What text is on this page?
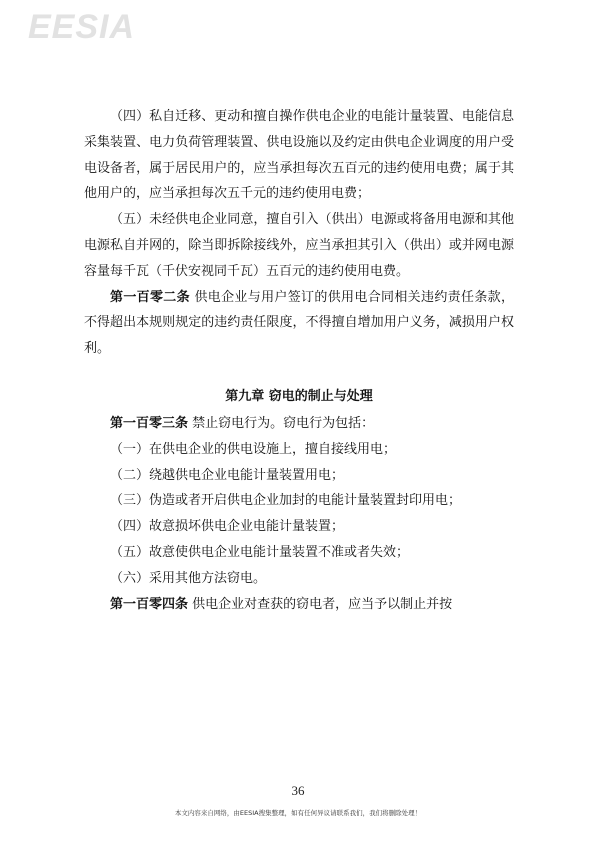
EESIA

（四）私自迁移、更动和擅自操作供电企业的电能计量装置、电能信息采集装置、电力负荷管理装置、供电设施以及约定由供电企业调度的用户受电设备者，属于居民用户的，应当承担每次五百元的违约使用电费；属于其他用户的，应当承担每次五千元的违约使用电费；

（五）未经供电企业同意，擅自引入（供出）电源或将备用电源和其他电源私自并网的，除当即拆除接线外，应当承担其引入（供出）或并网电源容量每千瓦（千伏安视同千瓦）五百元的违约使用电费。

第一百零二条 供电企业与用户签订的供用电合同相关违约责任条款，不得超出本规则规定的违约责任限度，不得擅自增加用户义务，减损用户权利。

第九章 窃电的制止与处理

第一百零三条 禁止窃电行为。窃电行为包括：

（一）在供电企业的供电设施上，擅自接线用电；

（二）绕越供电企业电能计量装置用电；

（三）伪造或者开启供电企业加封的电能计量装置封印用电；

（四）故意损坏供电企业电能计量装置；

（五）故意使供电企业电能计量装置不准或者失效；

（六）采用其他方法窃电。

第一百零四条 供电企业对查获的窃电者，应当予以制止并按

36
本文内容来自网络，由EESIA搜集整理，如有任何异议请联系我们，我们将删除处理！
